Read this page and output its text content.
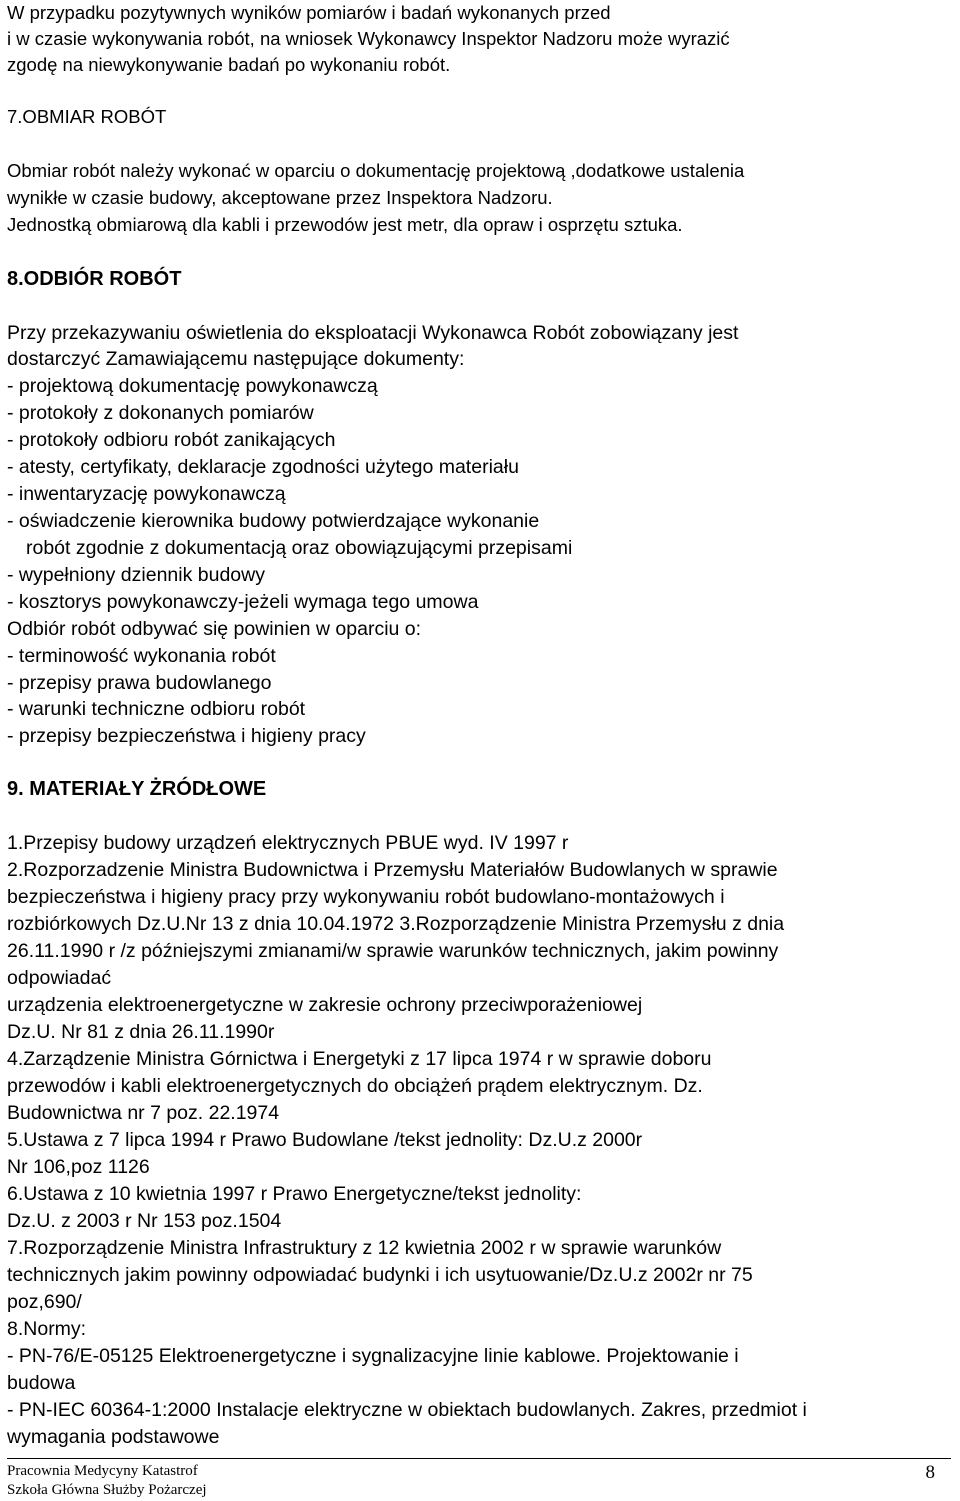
W przypadku pozytywnych wyników pomiarów i badań wykonanych przed
i w czasie wykonywania robót, na wniosek Wykonawcy Inspektor Nadzoru może wyrazić
zgodę na niewykonywanie badań po wykonaniu robót.
7.OBMIAR ROBÓT
Obmiar robót należy wykonać w oparciu o dokumentację projektową ,dodatkowe ustalenia
wynikłe w czasie budowy, akceptowane przez Inspektora Nadzoru.
Jednostką obmiarową dla kabli i przewodów jest metr, dla opraw i osprzętu sztuka.
8.ODBIÓR ROBÓT
Przy przekazywaniu oświetlenia do eksploatacji Wykonawca Robót zobowiązany jest
dostarczyć Zamawiającemu następujące dokumenty:
- projektową dokumentację powykonawczą
- protokoły z dokonanych pomiarów
- protokoły odbioru robót zanikających
- atesty, certyfikaty, deklaracje zgodności użytego materiału
- inwentaryzację powykonawczą
- oświadczenie kierownika budowy potwierdzające wykonanie
robót zgodnie z dokumentacją oraz obowiązującymi przepisami
- wypełniony dziennik budowy
- kosztorys powykonawczy-jeżeli wymaga tego umowa
Odbiór robót odbywać się powinien w oparciu o:
- terminowość wykonania robót
- przepisy prawa budowlanego
- warunki techniczne odbioru robót
- przepisy bezpieczeństwa i higieny pracy
9. MATERIAŁY ŻRÓDŁOWE
1.Przepisy budowy urządzeń elektrycznych PBUE wyd. IV 1997 r
2.Rozporzadzenie Ministra Budownictwa i Przemysłu Materiałów Budowlanych w sprawie
bezpieczeństwa i higieny pracy przy wykonywaniu robót budowlano-montażowych i
rozbiórkowych Dz.U.Nr 13 z dnia 10.04.1972 3.Rozporządzenie Ministra Przemysłu z dnia
26.11.1990 r /z późniejszymi zmianami/w sprawie warunków technicznych, jakim powinny
odpowiadać
urządzenia elektroenergetyczne w zakresie ochrony przeciwporażeniowej
Dz.U. Nr 81 z dnia 26.11.1990r
4.Zarządzenie Ministra Górnictwa i Energetyki z 17 lipca 1974 r w sprawie doboru
przewodów i kabli elektroenergetycznych do obciążeń prądem elektrycznym. Dz.
Budownictwa nr 7 poz. 22.1974
5.Ustawa z 7 lipca 1994 r Prawo Budowlane /tekst jednolity: Dz.U.z 2000r
Nr 106,poz 1126
6.Ustawa z 10 kwietnia 1997 r Prawo Energetyczne/tekst jednolity:
Dz.U. z 2003 r Nr 153 poz.1504
7.Rozporządzenie Ministra Infrastruktury z 12 kwietnia 2002 r w sprawie warunków
technicznych jakim powinny odpowiadać budynki i ich usytuowanie/Dz.U.z 2002r nr 75
poz,690/
8.Normy:
- PN-76/E-05125 Elektroenergetyczne i sygnalizacyjne linie kablowe. Projektowanie i
budowa
- PN-IEC 60364-1:2000 Instalacje elektryczne w obiektach budowlanych. Zakres, przedmiot i
wymagania podstawowe
Pracownia Medycyny Katastrof
Szkoła Główna Służby Pożarczej
8
